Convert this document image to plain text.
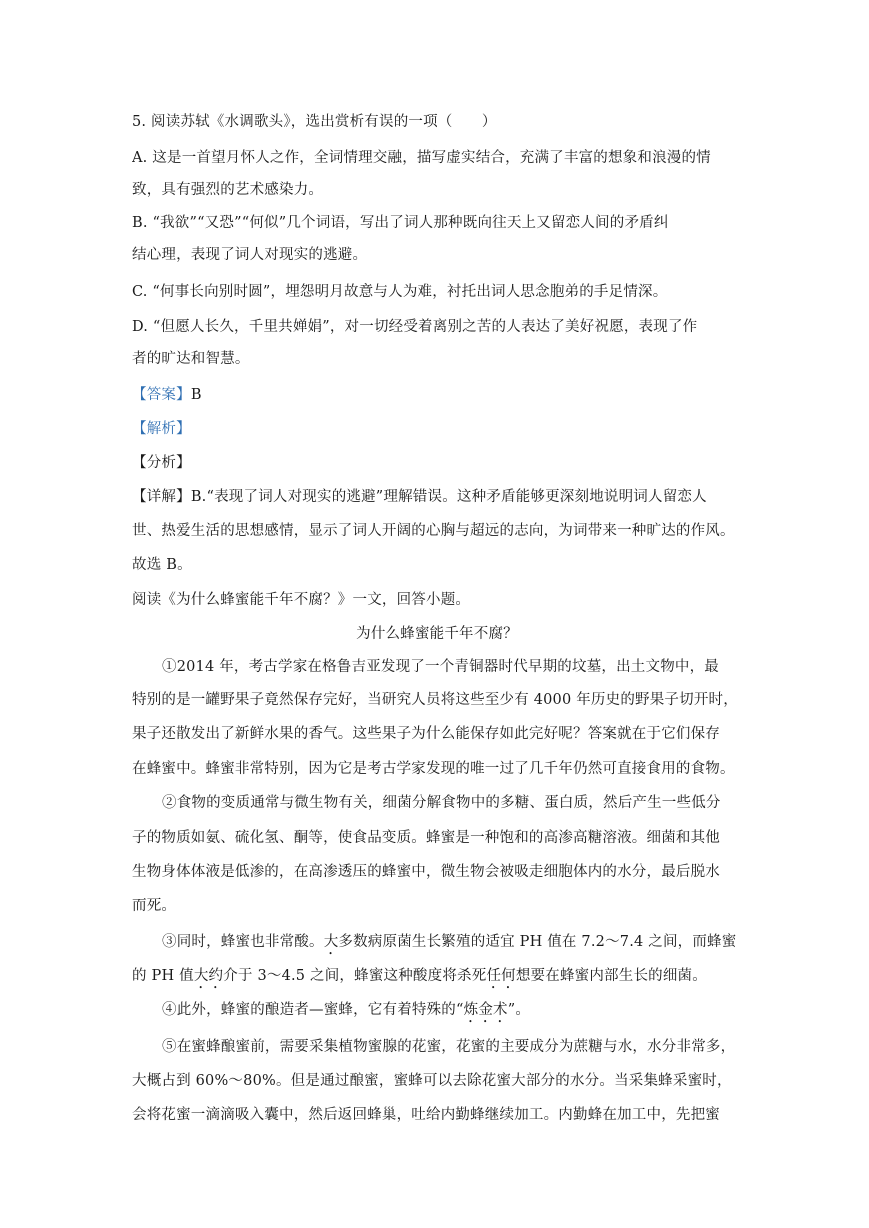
5. 阅读苏轼《水调歌头》，选出赏析有误的一项（　　）
A. 这是一首望月怀人之作，全词情理交融，描写虚实结合，充满了丰富的想象和浪漫的情
致，具有强烈的艺术感染力。
B. “我欲”“又恐”“何似”几个词语，写出了词人那种既向往天上又留恋人间的矛盾纠
结心理，表现了词人对现实的逃避。
C. “何事长向别时圆”，埋怨明月故意与人为难，衬托出词人思念胞弟的手足情深。
D. “但愿人长久，千里共婵娟”，对一切经受着离别之苦的人表达了美好祝愿，表现了作
者的旷达和智慧。
【答案】B
【解析】
【分析】
【详解】B.“表现了词人对现实的逃避”理解错误。这种矛盾能够更深刻地说明词人留恋人
世、热爱生活的思想感情，显示了词人开阔的心胸与超远的志向，为词带来一种旷达的作风。
故选 B。
阅读《为什么蜂蜜能千年不腐？》一文，回答小题。
为什么蜂蜜能千年不腐？
①2014 年，考古学家在格鲁吉亚发现了一个青铜器时代早期的坟墓，出土文物中，最
特别的是一罐野果子竟然保存完好，当研究人员将这些至少有 4000 年历史的野果子切开时，
果子还散发出了新鲜水果的香气。这些果子为什么能保存如此完好呢？答案就在于它们保存
在蜂蜜中。蜂蜜非常特别，因为它是考古学家发现的唯一过了几千年仍然可直接食用的食物。
②食物的变质通常与微生物有关，细菌分解食物中的多糖、蛋白质，然后产生一些低分
子的物质如氨、硫化氢、酮等，使食品变质。蜂蜜是一种饱和的高渗高糖溶液。细菌和其他
生物身体体液是低渗的，在高渗透压的蜂蜜中，微生物会被吸走细胞体内的水分，最后脱水
而死。
③同时，蜂蜜也非常酸。大多数病原菌生长繁殖的适宜 PH 值在 7.2～7.4 之间，而蜂蜜
的 PH 值大约介于 3～4.5 之间，蜂蜜这种酸度将杀死任何想要在蜂蜜内部生长的细菌。
④此外，蜂蜜的酿造者—蜜蜂，它有着特殊的“炼金术”。
⑤在蜜蜂酿蜜前，需要采集植物蜜腺的花蜜，花蜜的主要成分为蔗糖与水，水分非常多，
大概占到 60%～80%。但是通过酿蜜，蜜蜂可以去除花蜜大部分的水分。当采集蜂采蜜时，
会将花蜜一滴滴吸入囊中，然后返回蜂巢，吐给内勤蜂继续加工。内勤蜂在加工中，先把蜜
